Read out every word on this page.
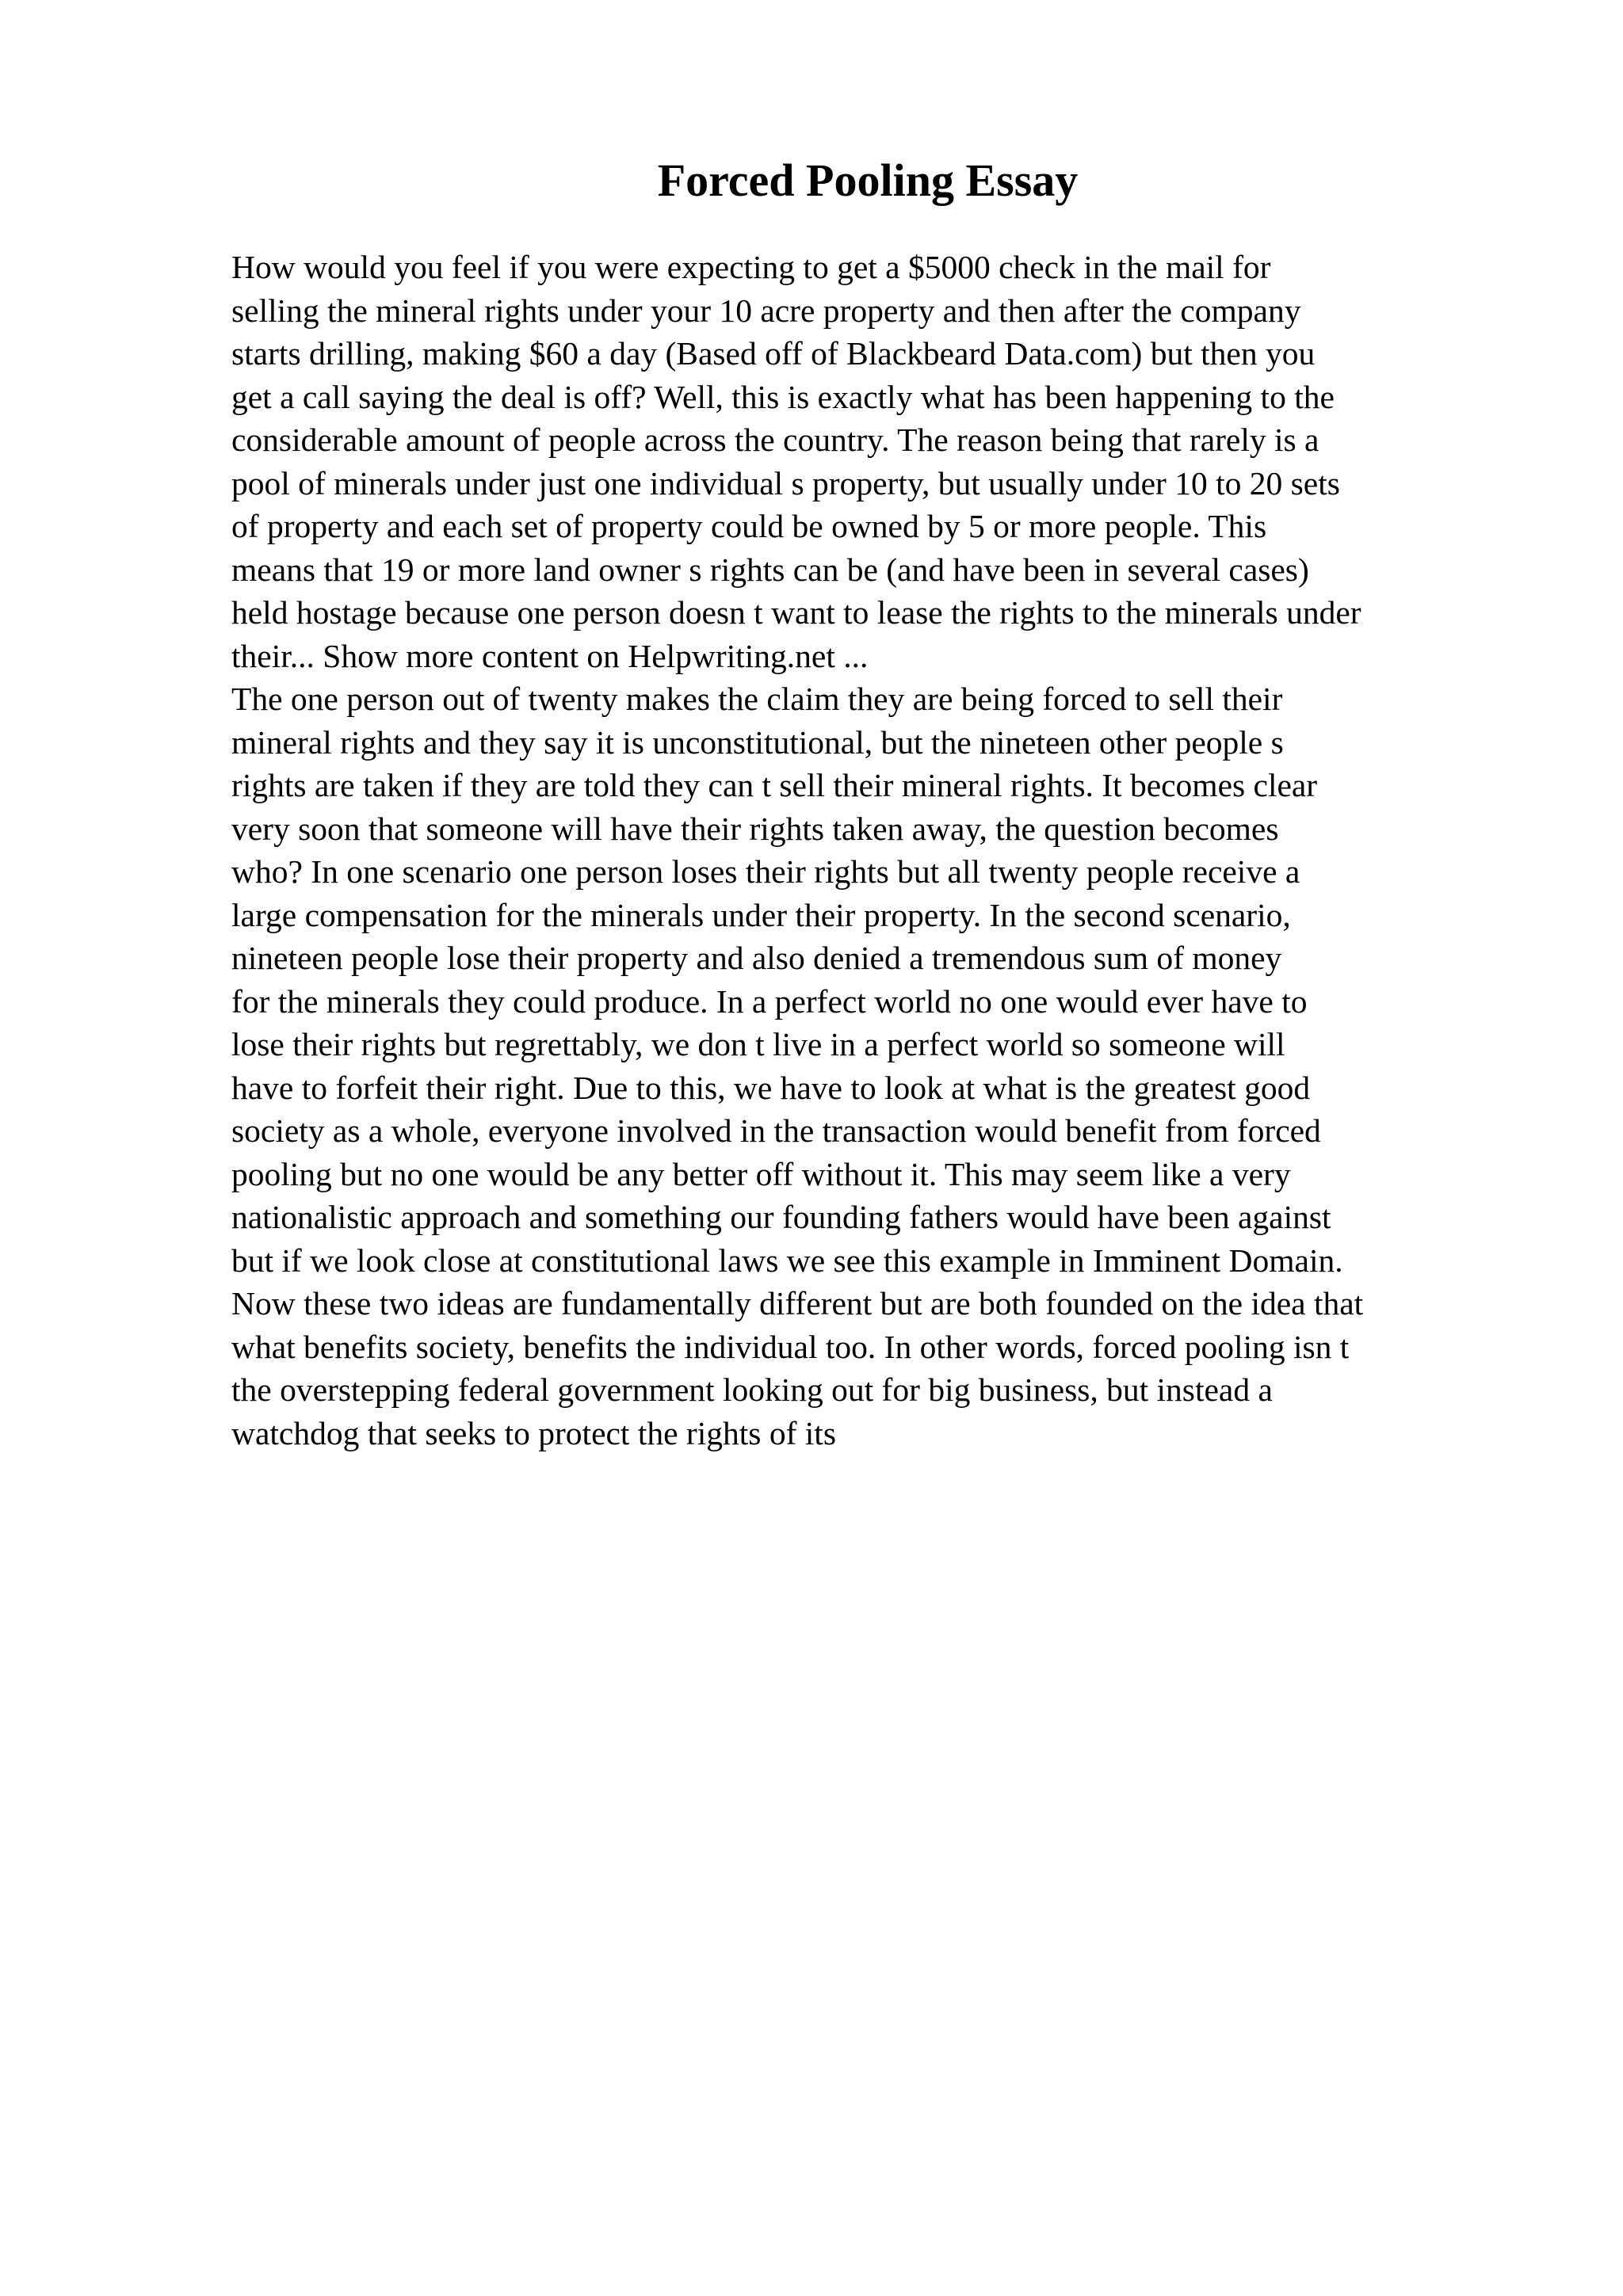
Forced Pooling Essay
How would you feel if you were expecting to get a $5000 check in the mail for
selling the mineral rights under your 10 acre property and then after the company
starts drilling, making $60 a day (Based off of Blackbeard Data.com) but then you
get a call saying the deal is off? Well, this is exactly what has been happening to the
considerable amount of people across the country. The reason being that rarely is a
pool of minerals under just one individual s property, but usually under 10 to 20 sets
of property and each set of property could be owned by 5 or more people. This
means that 19 or more land owner s rights can be (and have been in several cases)
held hostage because one person doesn t want to lease the rights to the minerals under
their... Show more content on Helpwriting.net ...
The one person out of twenty makes the claim they are being forced to sell their
mineral rights and they say it is unconstitutional, but the nineteen other people s
rights are taken if they are told they can t sell their mineral rights. It becomes clear
very soon that someone will have their rights taken away, the question becomes
who? In one scenario one person loses their rights but all twenty people receive a
large compensation for the minerals under their property. In the second scenario,
nineteen people lose their property and also denied a tremendous sum of money
for the minerals they could produce. In a perfect world no one would ever have to
lose their rights but regrettably, we don t live in a perfect world so someone will
have to forfeit their right. Due to this, we have to look at what is the greatest good
society as a whole, everyone involved in the transaction would benefit from forced
pooling but no one would be any better off without it. This may seem like a very
nationalistic approach and something our founding fathers would have been against
but if we look close at constitutional laws we see this example in Imminent Domain.
Now these two ideas are fundamentally different but are both founded on the idea that
what benefits society, benefits the individual too. In other words, forced pooling isn t
the overstepping federal government looking out for big business, but instead a
watchdog that seeks to protect the rights of its
